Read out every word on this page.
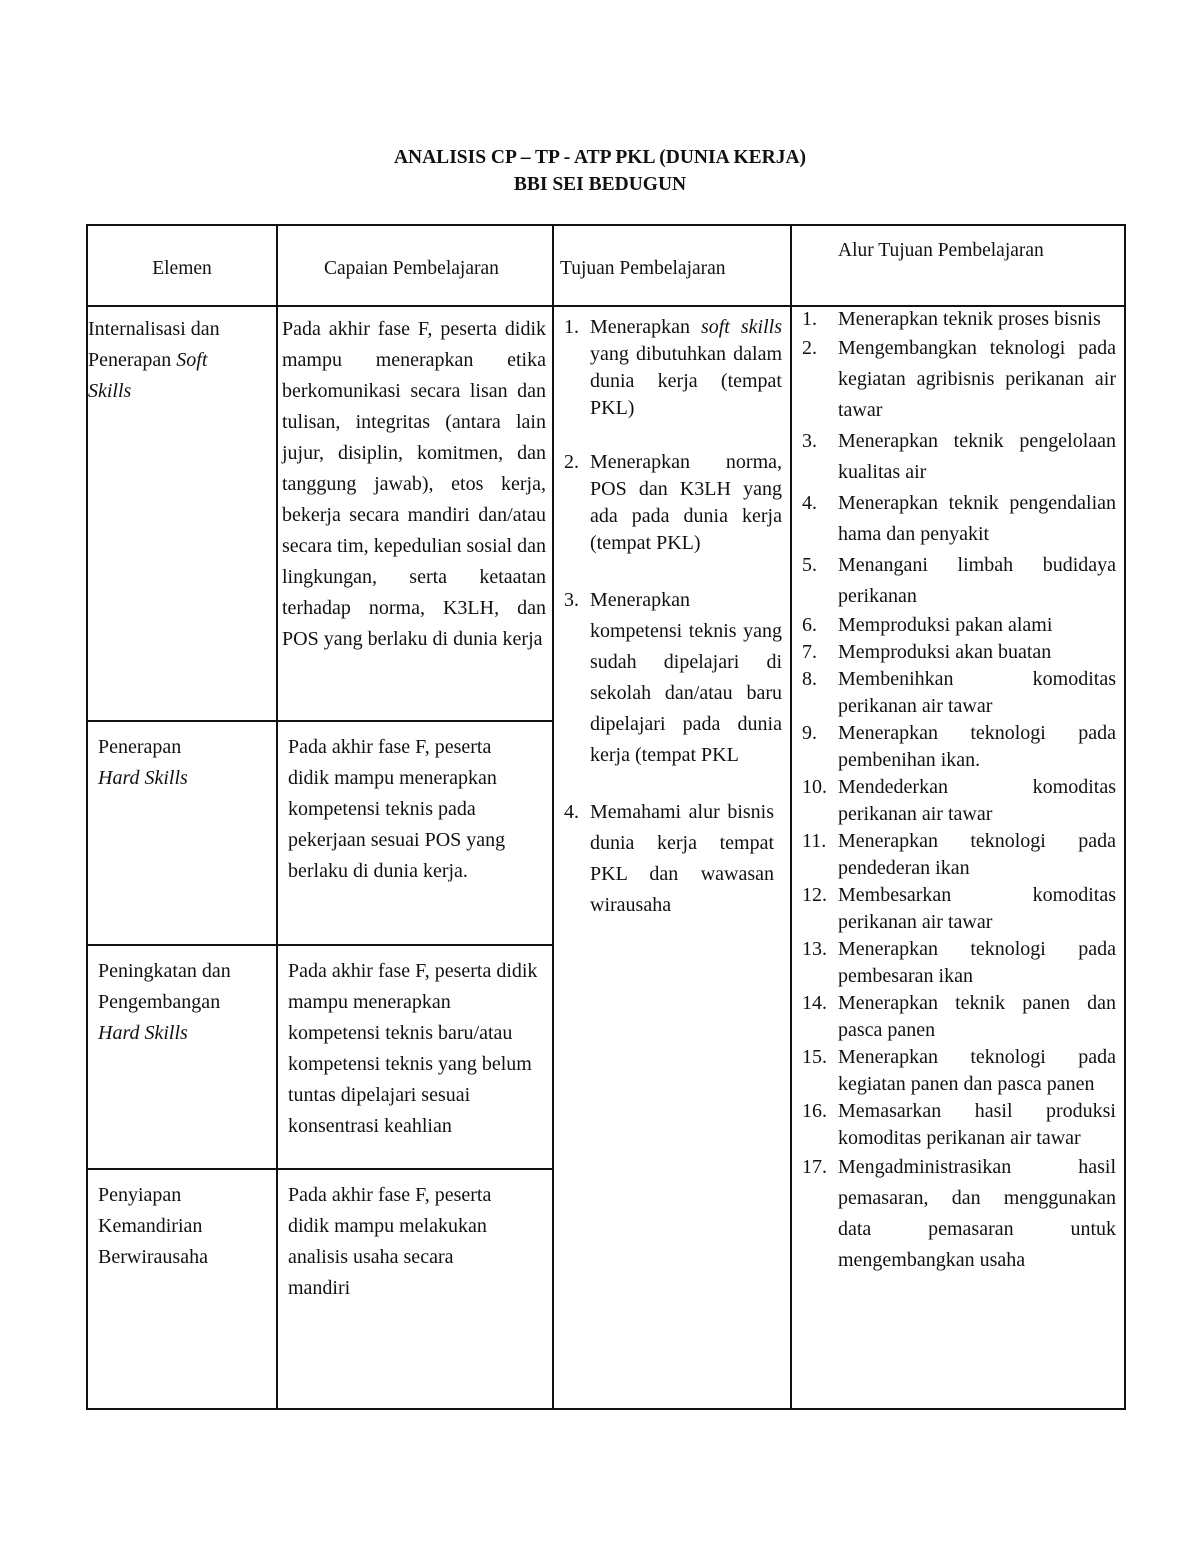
ANALISIS CP – TP - ATP PKL (DUNIA KERJA)
BBI SEI BEDUGUN
Elemen	Capaian Pembelajaran	Tujuan Pembelajaran
Alur Tujuan Pembelajaran
Internalisasi dan Penerapan Soft Skills
Penerapan
Hard Skills
Peningkatan dan Pengembangan
Hard Skills
Penyiapan Kemandirian Berwirausaha
Pada akhir fase F, peserta didik mampu menerapkan etika berkomunikasi secara lisan dan tulisan, integritas (antara lain jujur, disiplin, komitmen, dan tanggung jawab), etos kerja, bekerja secara mandiri dan/atau secara tim, kepedulian sosial dan lingkungan, serta ketaatan terhadap norma, K3LH, dan POS yang berlaku di dunia kerja
Pada akhir fase F, peserta didik mampu menerapkan kompetensi teknis pada pekerjaan sesuai POS yang berlaku di dunia kerja.
Pada akhir fase F, peserta didik mampu menerapkan kompetensi teknis baru/atau kompetensi teknis yang belum tuntas dipelajari sesuai konsentrasi keahlian
Pada akhir fase F, peserta didik mampu melakukan analisis usaha secara mandiri
1. Menerapkan soft skills yang dibutuhkan dalam dunia kerja (tempat PKL)
2. Menerapkan norma, POS dan K3LH yang ada pada dunia kerja (tempat PKL)
3. Menerapkan kompetensi teknis yang sudah dipelajari di sekolah dan/atau baru dipelajari pada dunia kerja (tempat PKL
4. Memahami alur bisnis dunia kerja tempat PKL dan wawasan wirausaha
1. Menerapkan teknik proses bisnis
2. Mengembangkan teknologi pada kegiatan agribisnis perikanan air tawar
3. Menerapkan teknik pengelolaan kualitas air
4. Menerapkan teknik pengendalian hama dan penyakit
5. Menangani limbah budidaya perikanan
6. Memproduksi pakan alami
7. Memproduksi akan buatan
8. Membenihkan komoditas perikanan air tawar
9. Menerapkan teknologi pada pembenihan ikan.
10. Mendederkan komoditas perikanan air tawar
11. Menerapkan teknologi pada pendederan ikan
12. Membesarkan komoditas perikanan air tawar
13. Menerapkan teknologi pada pembesaran ikan
14. Menerapkan teknik panen dan pasca panen
15. Menerapkan teknologi pada kegiatan panen dan pasca panen
16. Memasarkan hasil produksi komoditas perikanan air tawar
17. Mengadministrasikan hasil pemasaran, dan menggunakan data pemasaran untuk mengembangkan usaha
